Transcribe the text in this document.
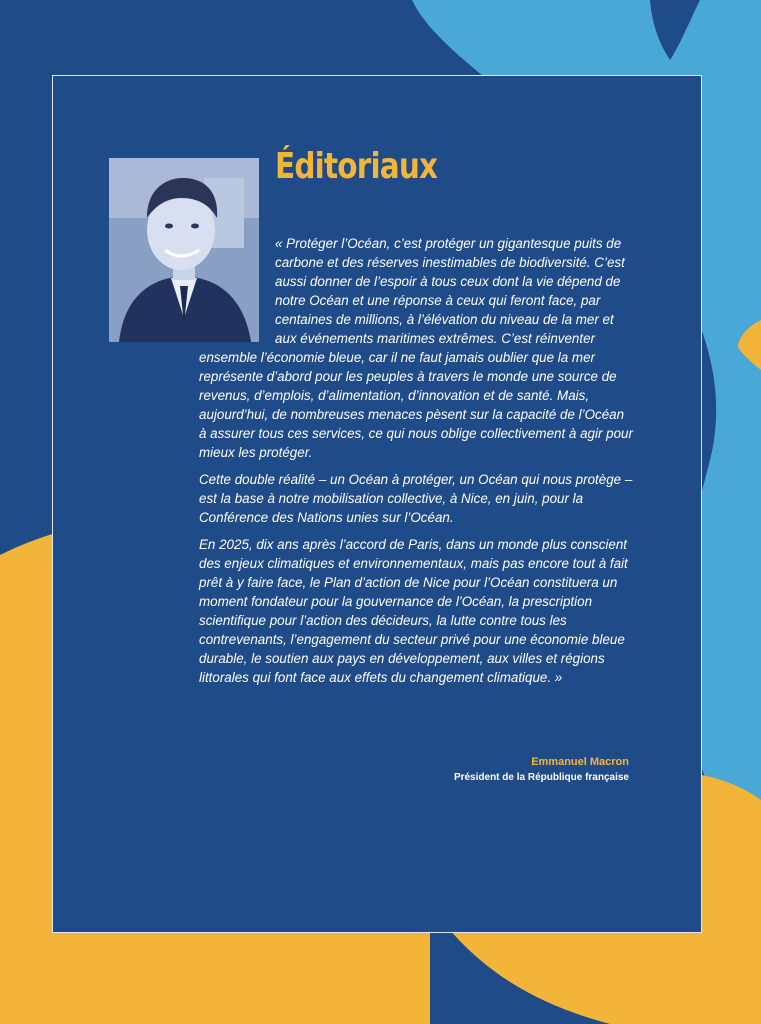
Éditoriaux

« Protéger l’Océan, c’est protéger un gigantesque puits de carbone et des réserves inestimables de biodiversité. C’est aussi donner de l’espoir à tous ceux dont la vie dépend de notre Océan et une réponse à ceux qui feront face, par centaines de millions, à l’élévation du niveau de la mer et aux événements maritimes extrêmes. C’est réinventer ensemble l’économie bleue, car il ne faut jamais oublier que la mer représente d’abord pour les peuples à travers le monde une source de revenus, d’emplois, d’alimentation, d’innovation et de santé. Mais, aujourd’hui, de nombreuses menaces pèsent sur la capacité de l’Océan à assurer tous ces services, ce qui nous oblige collectivement à agir pour mieux les protéger.

Cette double réalité – un Océan à protéger, un Océan qui nous protège – est la base à notre mobilisation collective, à Nice, en juin, pour la Conférence des Nations unies sur l’Océan.

En 2025, dix ans après l’accord de Paris, dans un monde plus conscient des enjeux climatiques et environnementaux, mais pas encore tout à fait prêt à y faire face, le Plan d’action de Nice pour l’Océan constituera un moment fondateur pour la gouvernance de l’Océan, la prescription scientifique pour l’action des décideurs, la lutte contre tous les contrevenants, l’engagement du secteur privé pour une économie bleue durable, le soutien aux pays en développement, aux villes et régions littorales qui font face aux effets du changement climatique. »

Emmanuel Macron
Président de la République française
